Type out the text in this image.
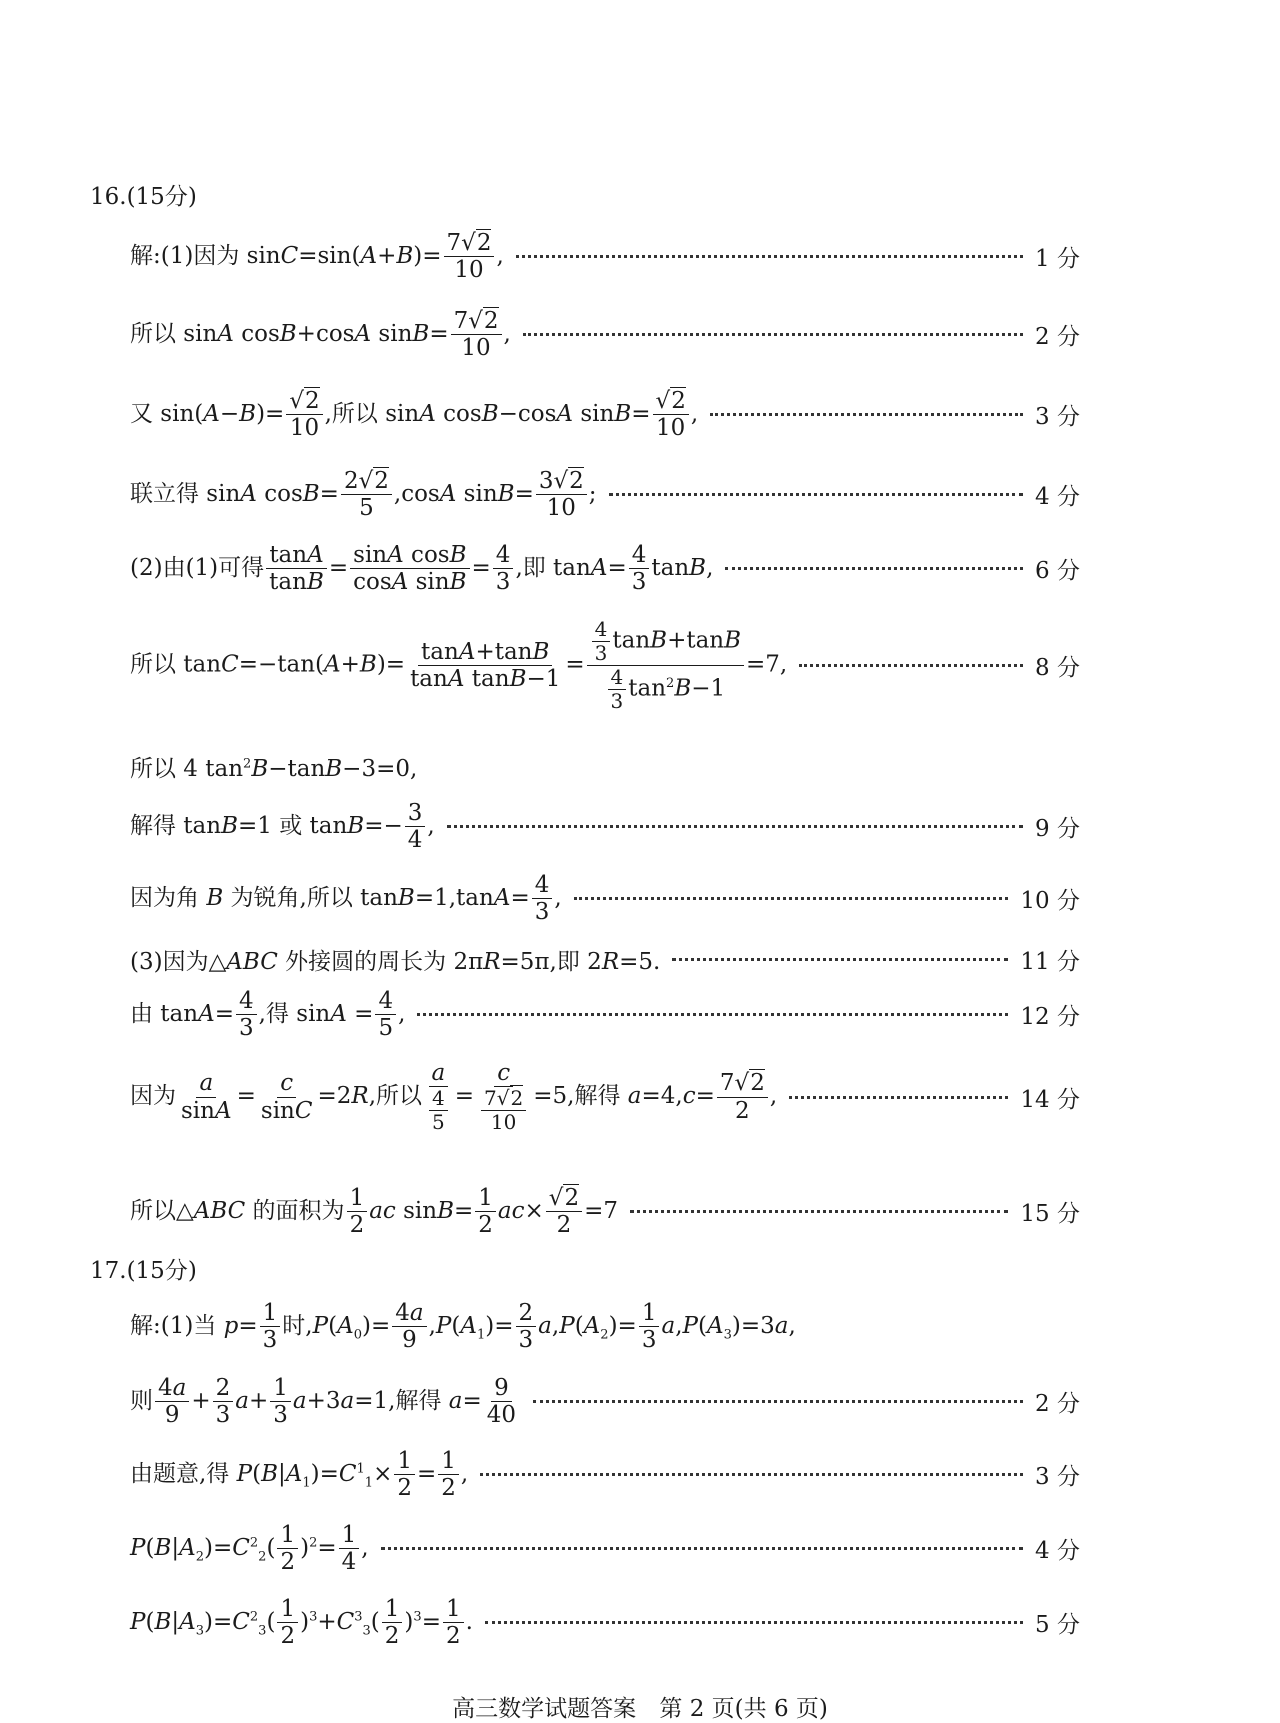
16.(15分)
解:(1)因为 $\sin C=\sin(A+B)= \frac{7√2}{10}$ ,	1 分
所以 sinA cosB+cosA $\sin B= \frac{7√2}{10}$ ,	2 分
又 $\sin(A-B)= \frac{√2}{10}$ ,所以 sinA cosB−cosA $\sin B= \frac{√2}{10}$ ,	3 分
联立得 sinA $\cos B= \frac{2√2}{5} ,\cos A$ $\sin B= \frac{3√2}{10}$ ;	4 分
(2)由(1)可得 $\frac{\tan A}{\tan B} = \frac{\text{sinA cosB}}{\text{cosA sinB}} = \frac{4}{3}$ ,即 $\tan A= \frac{4}{3} \tan B$,	6 分
所以 $\tan C=-\tan(A+B)= \frac{\tan A+\tan B}{\text{tanA tanB−1}} = \frac{\frac{4}{3} \tan B+\tan B}{\frac{4}{3} \tan^2B-1} =7$,	8 分
所以 4 $\tan^2B-\tan B-3=0$,
解得 tanB=1 或 $\tan B=- \frac{3}{4}$ ,	9 分
因为角 B 为锐角,所以 $\tan B=1,\tan A= \frac{4}{3}$ ,	10 分
(3)因为△ABC 外接圆的周长为 2πR=5π,即 2R=5.	11 分
由 $\tan A= \frac{4}{3}$ ,得 $\sin A = \frac{4}{5}$ ,	12 分
因为 $\frac{a}{\sin A} = \frac{c}{\sin C} =2R$,所以 $\frac{a}{\frac{4}{5}} = \frac{c}{\frac{7√2}{10}} =5$,解得 $a=4,c= \frac{7√2}{2}$ ,	14 分
所以△ABC 的面积为 $\frac{1}{2}$ ac $\sin B= \frac{1}{2} ac\times \frac{√2}{2} =7$	15 分
17.(15分)
解:(1)当 $p= \frac{1}{3}$ 时$,P(A_0)= \frac{4a}{9} ,P(A_1)= \frac{2}{3} a,P(A_2)= \frac{1}{3} a,P(A_3)=3a$,
则 $\frac{4a}{9} + \frac{2}{3} a+ \frac{1}{3} a+3a=1$,解得 $a= \frac{9}{40}$	2 分
由题意,得 $P(B|A_1)=C^1_1\times \frac{1}{2} = \frac{1}{2}$ ,	3 分
$P(B|A_2)=C^2_2( \frac{1}{2} )^2= \frac{1}{4}$ ,	4 分
$P(B|A_3)=C^2_3( \frac{1}{2} )^3+C^3_3( \frac{1}{2} )^3= \frac{1}{2}$ .	5 分
高三数学试题答案 第 2 页(共 6 页)
